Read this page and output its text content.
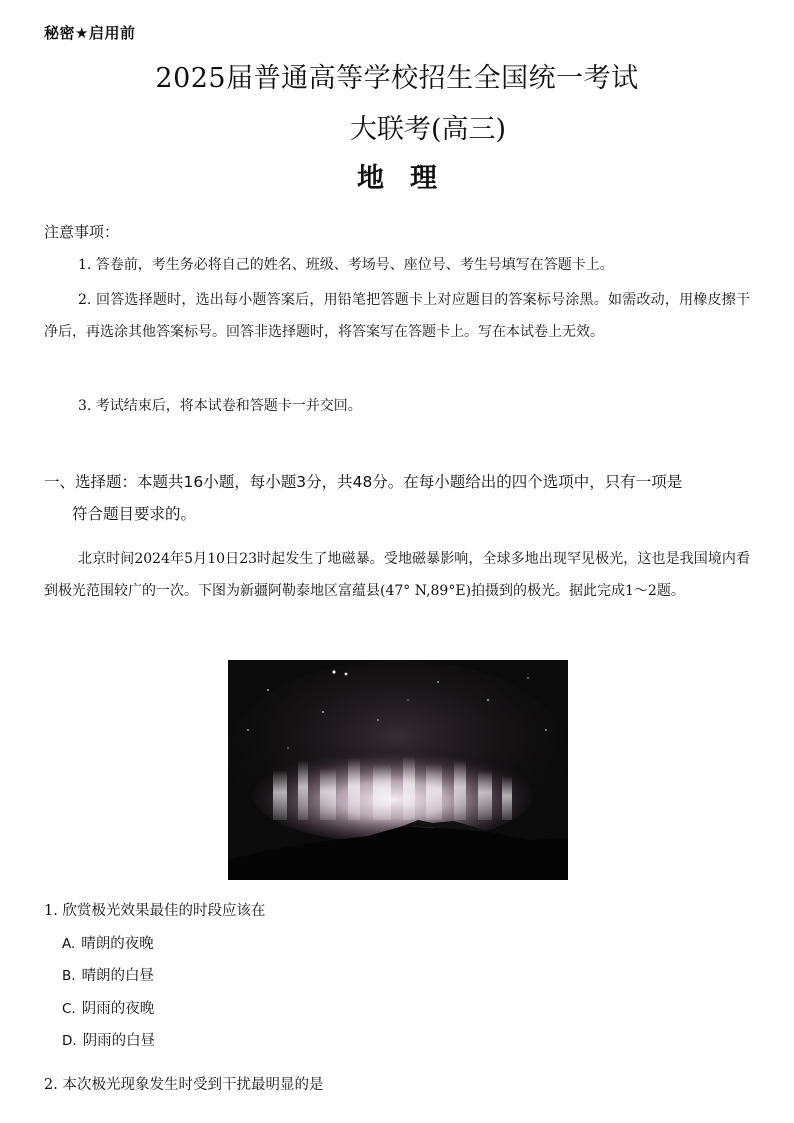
秘密★启用前
2025届普通高等学校招生全国统一考试
大联考(高三)
地 理
注意事项：

1. 答卷前，考生务必将自己的姓名、班级、考场号、座位号、考生号填写在答题卡上。

2. 回答选择题时，选出每小题答案后，用铅笔把答题卡上对应题目的答案标号涂黑。如需改动，用橡皮擦干净后，再选涂其他答案标号。回答非选择题时，将答案写在答题卡上。写在本试卷上无效。

3. 考试结束后，将本试卷和答题卡一并交回。

一、选择题：本题共16小题，每小题3分，共48分。在每小题给出的四个选项中，只有一项是
符合题目要求的。

北京时间2024年5月10日23时起发生了地磁暴。受地磁暴影响，全球多地出现罕见极光，这也是我国境内看到极光范围较广的一次。下图为新疆阿勒泰地区富蕴县(47° N,89°E)拍摄到的极光。据此完成1～2题。

1. 欣赏极光效果最佳的时段应该在
A. 晴朗的夜晚
B. 晴朗的白昼
C. 阴雨的夜晚
D. 阴雨的白昼
2. 本次极光现象发生时受到干扰最明显的是
